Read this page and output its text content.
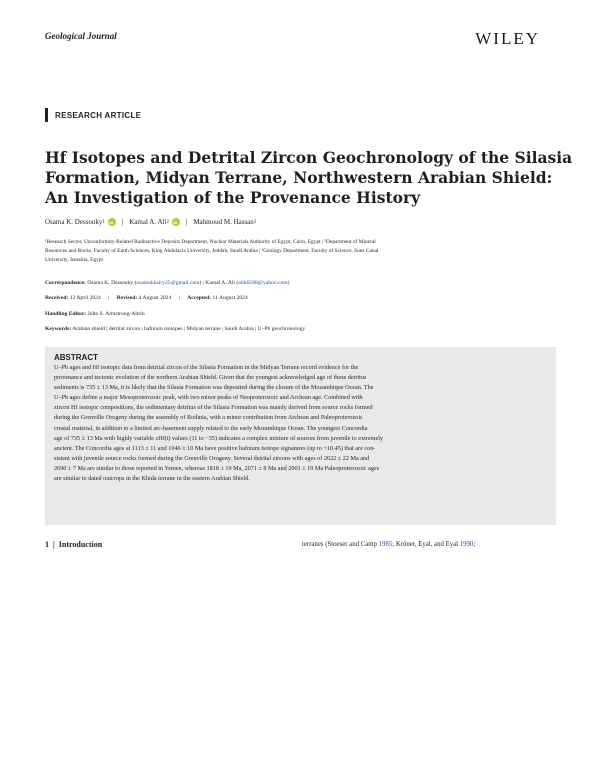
Geological Journal	WILEY
RESEARCH ARTICLE
Hf Isotopes and Detrital Zircon Geochronology of the Silasia
Formation, Midyan Terrane, Northwestern Arabian Shield:
An Investigation of the Provenance History
Osama K. Dessouky 1 iD | Kamal A. Ali 2 iD | Mahmoud M. Hassan 3
¹Research Sector, Unconformity-Related Radioactive Deposits Department, Nuclear Materials Authority of Egypt, Cairo, Egypt | ²Department of Mineral
Resources and Rocks, Faculty of Earth Sciences, King Abdulaziz University, Jeddah, Saudi Arabia | ³Geology Department, Faculty of Science, Suez Canal
University, Ismailia, Egypt
Correspondence: Osama K. Dessouky (osamakhairy25@gmail.com) | Kamal A. Ali (alik6588@yahoo.com)
Received: 13 April 2024 | Revised: 4 August 2024 | Accepted: 11 August 2024
Handling Editor: John S. Armstrong-Altrin
Keywords: Arabian shield | detrital zircon | hafnium isotopes | Midyan terrane | Saudi Arabia | U–Pb geochronology
ABSTRACT
U–Pb ages and Hf isotopic data from detrital zircon of the Silasia Formation in the Midyan Terrane record evidence for the
provenance and tectonic evolution of the northern Arabian Shield. Given that the youngest acknowledged age of these detritus
sediments is 735 ± 13 Ma, it is likely that the Silasia Formation was deposited during the closure of the Mozambique Ocean. The
U–Pb ages define a major Mesoproterozoic peak, with two minor peaks of Neoproterozoic and Archean age. Combined with
zircon Hf isotopic compositions, the sedimentary detritus of the Silasia Formation was mainly derived from source rocks formed
during the Grenville Orogeny during the assembly of Rodinia, with a minor contribution from Archean and Paleoproterozoic
crustal material, in addition to a limited arc-basement supply related to the early Mozambique Ocean. The youngest Concordia
age of 735 ± 13 Ma with highly variable εHf(t) values (11 to −35) indicates a complex mixture of sources from juvenile to extremely
ancient. The Concordia ages at 1113 ± 11 and 1046 ± 10 Ma have positive hafnium isotope signatures (up to +10.45) that are con-
sistent with juvenile source rocks formed during the Grenville Orogeny. Several detrital zircons with ages of 2622 ± 22 Ma and
2690 ± 7 Ma are similar to those reported in Yemen, whereas 1818 ± 19 Ma, 2071 ± 8 Ma and 2001 ± 19 Ma Paleoproterozoic ages
are similar to dated outcrops in the Khida terrane in the eastern Arabian Shield.
1  |  Introduction	terranes (Stoeser and Camp 1985; Kröner, Eyal, and Eyal 1990;
